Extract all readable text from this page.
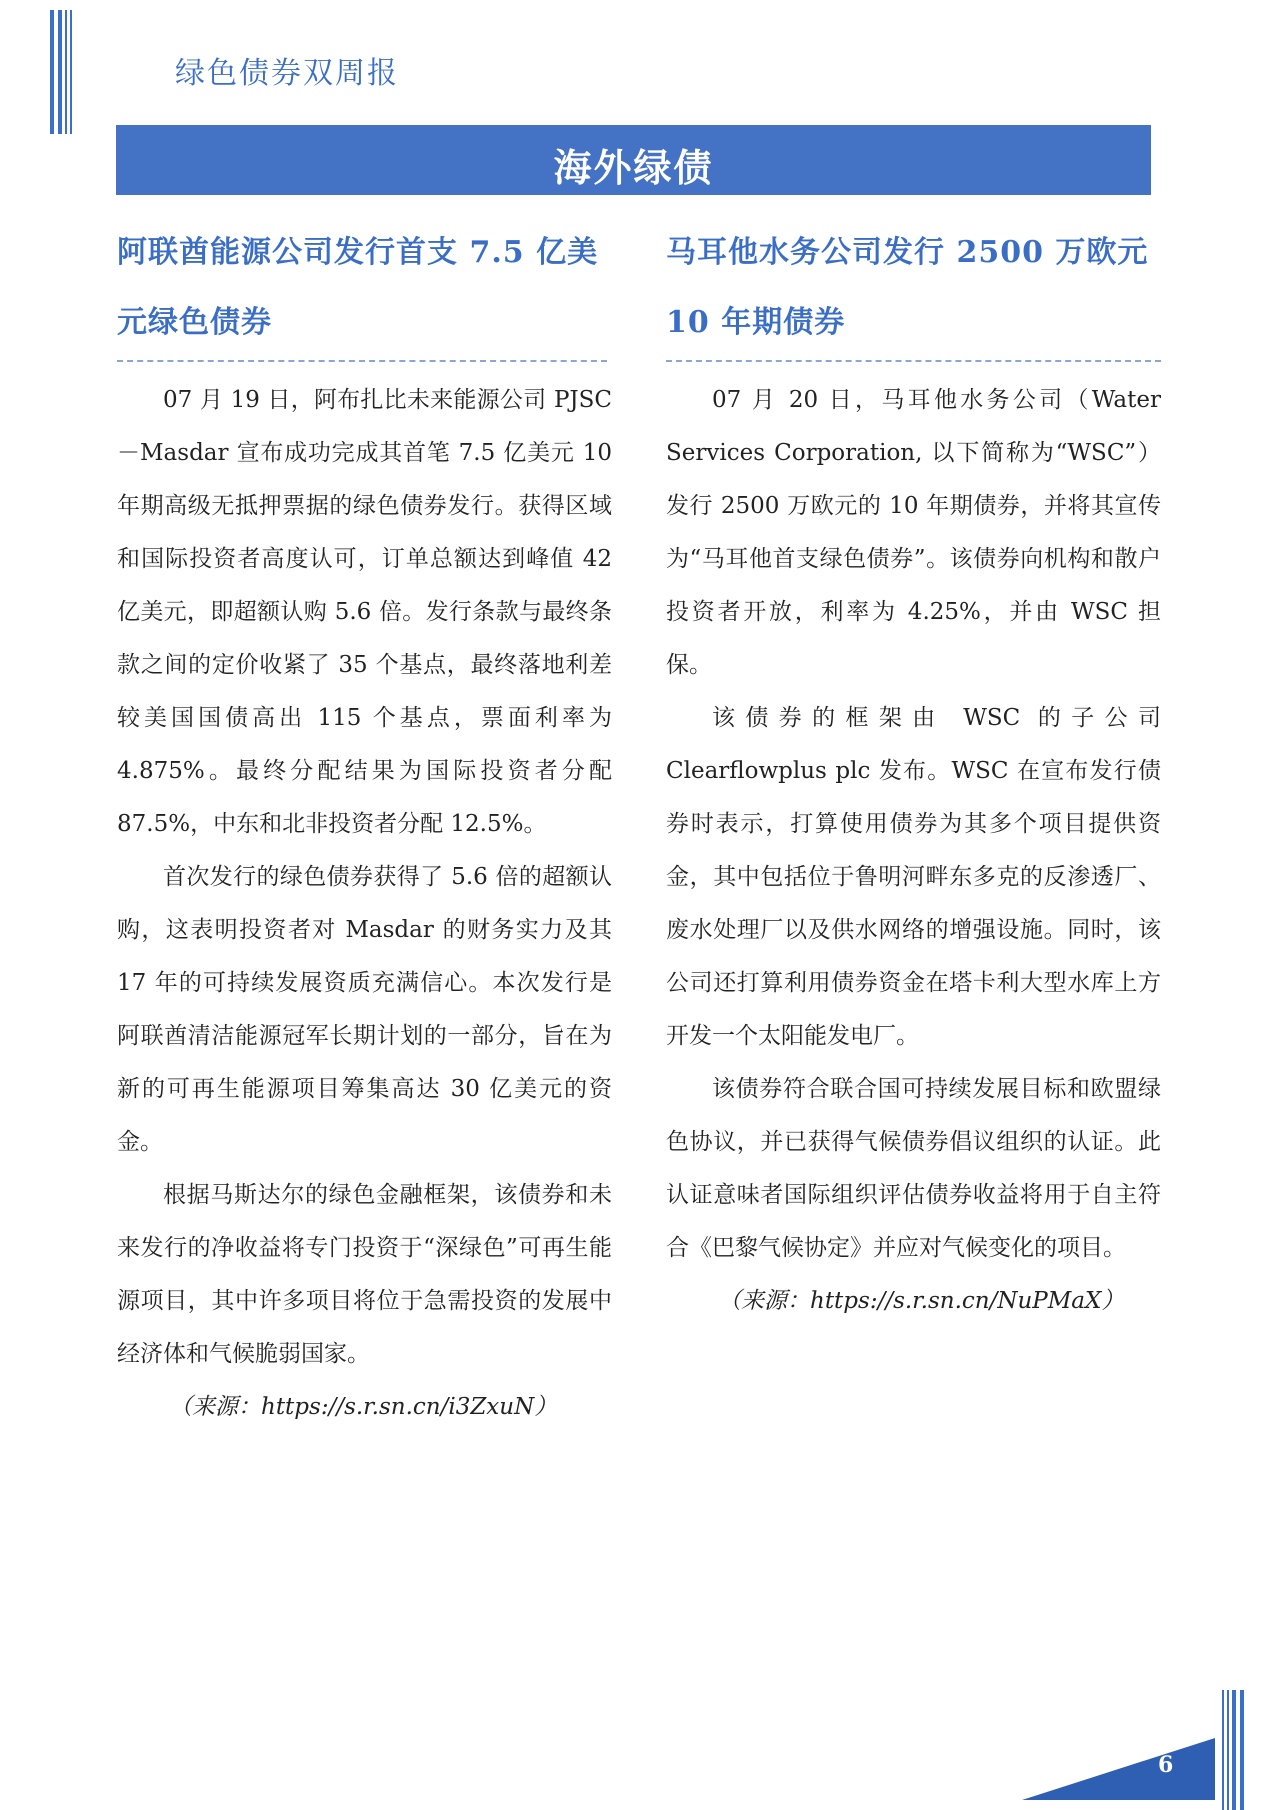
绿色债券双周报
海外绿债
阿联酋能源公司发行首支 7.5 亿美元绿色债券

07 月 19 日，阿布扎比未来能源公司 PJSC－Masdar 宣布成功完成其首笔 7.5 亿美元 10 年期高级无抵押票据的绿色债券发行。获得区域和国际投资者高度认可，订单总额达到峰值 42 亿美元，即超额认购 5.6 倍。发行条款与最终条款之间的定价收紧了 35 个基点，最终落地利差较美国国债高出 115 个基点，票面利率为 4.875%。最终分配结果为国际投资者分配 87.5%，中东和北非投资者分配 12.5%。

首次发行的绿色债券获得了 5.6 倍的超额认购，这表明投资者对 Masdar 的财务实力及其 17 年的可持续发展资质充满信心。本次发行是阿联酋清洁能源冠军长期计划的一部分，旨在为新的可再生能源项目筹集高达 30 亿美元的资金。

根据马斯达尔的绿色金融框架，该债券和未来发行的净收益将专门投资于“深绿色”可再生能源项目，其中许多项目将位于急需投资的发展中经济体和气候脆弱国家。

（来源：https://s.r.sn.cn/i3ZxuN）
马耳他水务公司发行 2500 万欧元 10 年期债券

07 月 20 日，马耳他水务公司（Water Services Corporation, 以下简称为“WSC”）发行 2500 万欧元的 10 年期债券，并将其宣传为“马耳他首支绿色债券”。该债券向机构和散户投资者开放，利率为 4.25%，并由 WSC 担保。

该债券的框架由 WSC 的子公司 Clearflowplus plc 发布。WSC 在宣布发行债券时表示，打算使用债券为其多个项目提供资金，其中包括位于鲁明河畔东多克的反渗透厂、废水处理厂以及供水网络的增强设施。同时，该公司还打算利用债券资金在塔卡利大型水库上方开发一个太阳能发电厂。

该债券符合联合国可持续发展目标和欧盟绿色协议，并已获得气候债券倡议组织的认证。此认证意味者国际组织评估债券收益将用于自主符合《巴黎气候协定》并应对气候变化的项目。

（来源：https://s.r.sn.cn/NuPMaX）
6
